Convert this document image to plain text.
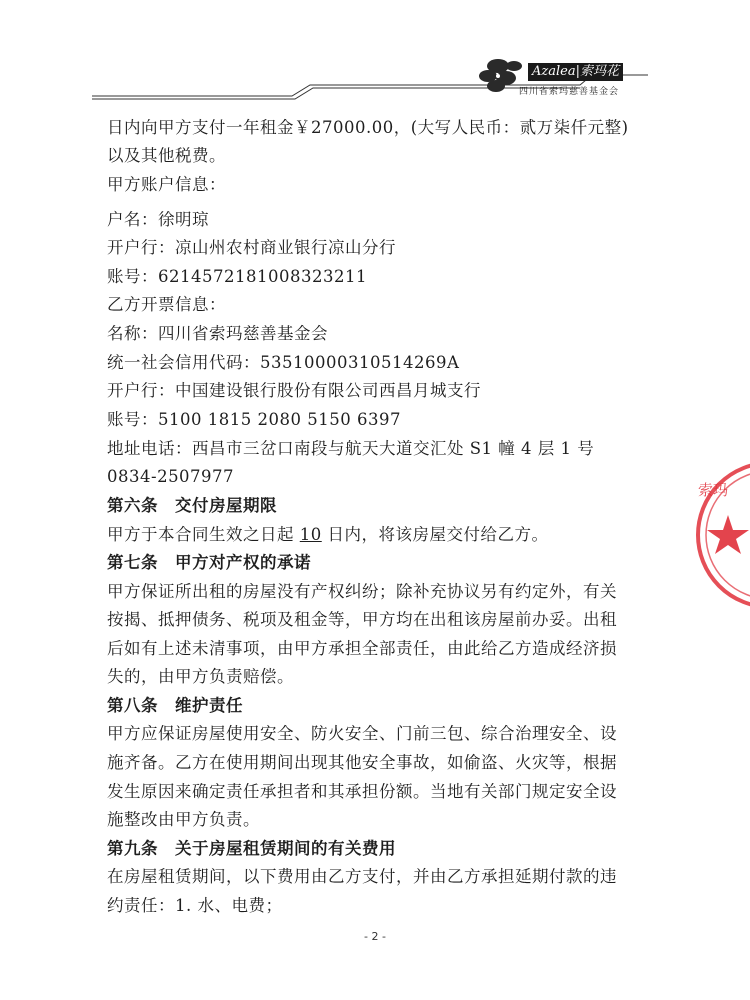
Azalea|索玛花
四川省索玛慈善基金会
日内向甲方支付一年租金￥27000.00，(大写人民币：贰万柒仟元整)
以及其他税费。
甲方账户信息：
户名：徐明琼
开户行：凉山州农村商业银行凉山分行
账号：6214572181008323211
乙方开票信息：
名称：四川省索玛慈善基金会
统一社会信用代码：53510000310514269A
开户行：中国建设银行股份有限公司西昌月城支行
账号：5100 1815 2080 5150 6397
地址电话：西昌市三岔口南段与航天大道交汇处 S1 幢 4 层 1 号
0834-2507977
第六条　交付房屋期限
甲方于本合同生效之日起 10 日内，将该房屋交付给乙方。
第七条　甲方对产权的承诺
甲方保证所出租的房屋没有产权纠纷；除补充协议另有约定外，有关
按揭、抵押债务、税项及租金等，甲方均在出租该房屋前办妥。出租
后如有上述未清事项，由甲方承担全部责任，由此给乙方造成经济损
失的，由甲方负责赔偿。
第八条　维护责任
甲方应保证房屋使用安全、防火安全、门前三包、综合治理安全、设
施齐备。乙方在使用期间出现其他安全事故，如偷盗、火灾等，根据
发生原因来确定责任承担者和其承担份额。当地有关部门规定安全设
施整改由甲方负责。
第九条　关于房屋租赁期间的有关费用
在房屋租赁期间，以下费用由乙方支付，并由乙方承担延期付款的违
约责任：1. 水、电费；
索玛
- 2 -
